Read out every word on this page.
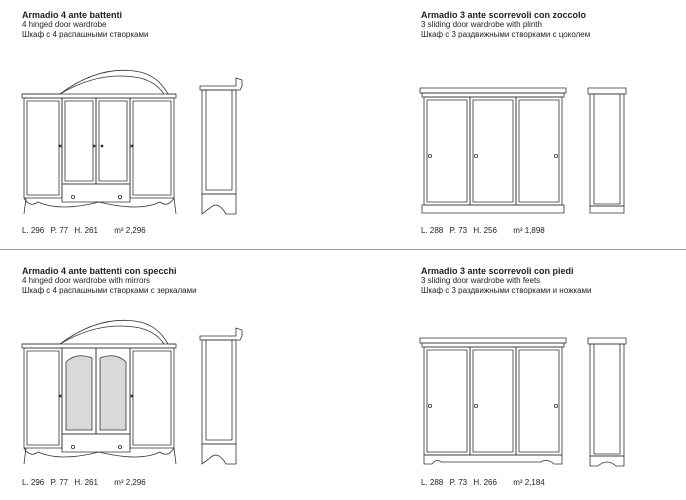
Armadio 4 ante battenti
4 hinged door wardrobe
Шкаф с 4 распашными створками
L. 296 P. 77 H. 261 m³ 2,296
Armadio 3 ante scorrevoli con zoccolo
3 sliding door wardrobe with plinth
Шкаф с 3 раздвижными створками с цоколем
L. 288 P. 73 H. 256 m³ 1,898
Armadio 4 ante battenti con specchi
4 hinged door wardrobe with mirrors
Шкаф с 4 распашными створками с зеркалами
L. 296 P. 77 H. 261 m³ 2,296
Armadio 3 ante scorrevoli con piedi
3 sliding door wardrobe with feets
Шкаф с 3 раздвижными створками и ножками
L. 288 P. 73 H. 266 m³ 2,184
